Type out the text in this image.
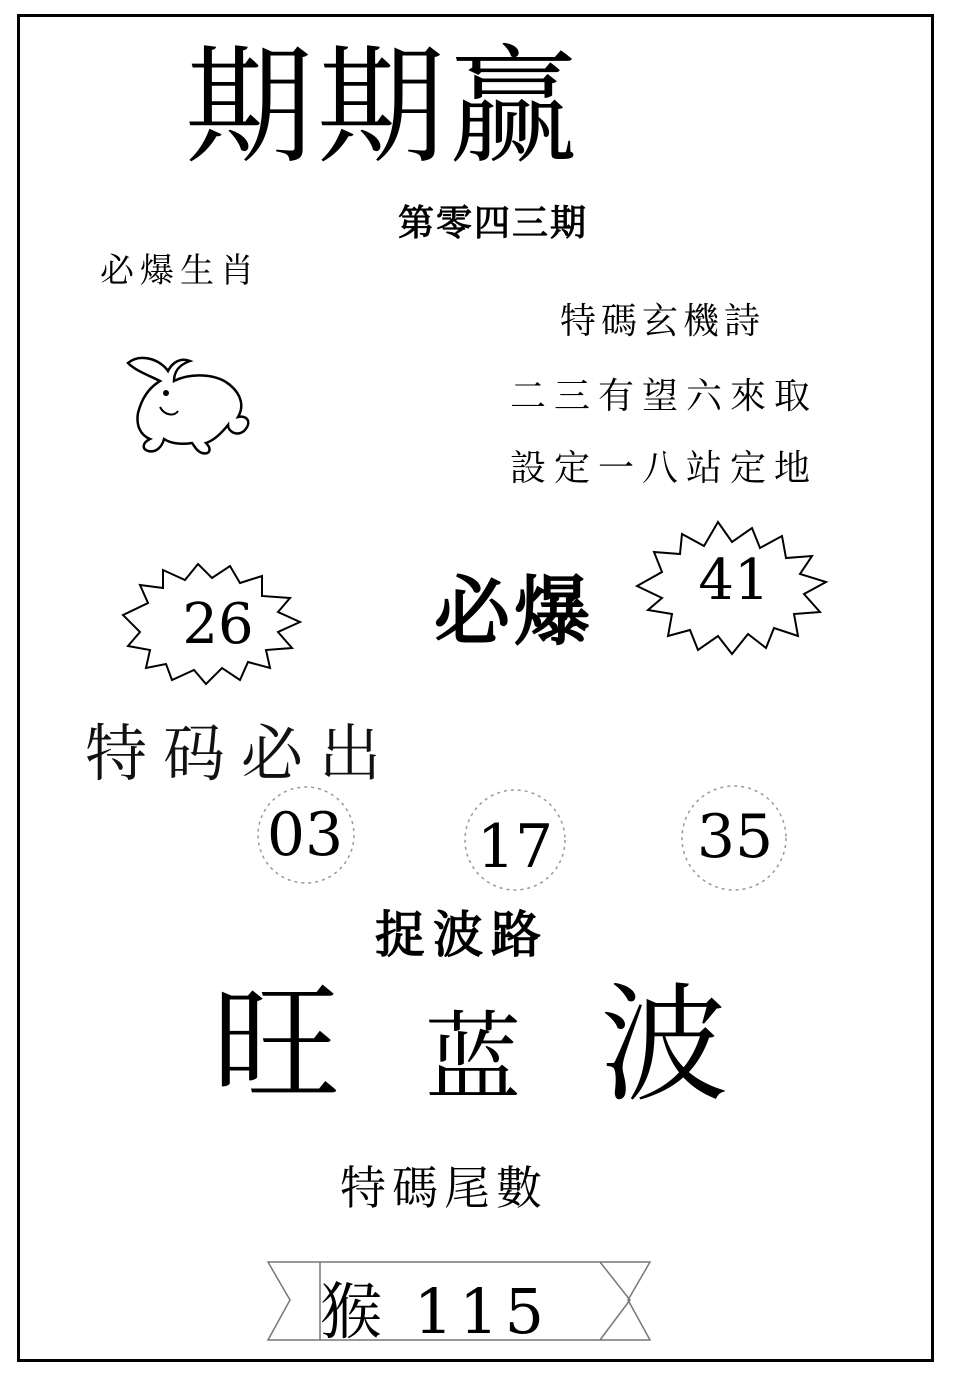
期期赢
第零四三期
必爆生肖
特碼玄機詩
二三有望六來取
設定一八站定地
26	必爆	41
特码必出
03	17	35
捉波路
旺 蓝 波
特碼尾數
猴 115
